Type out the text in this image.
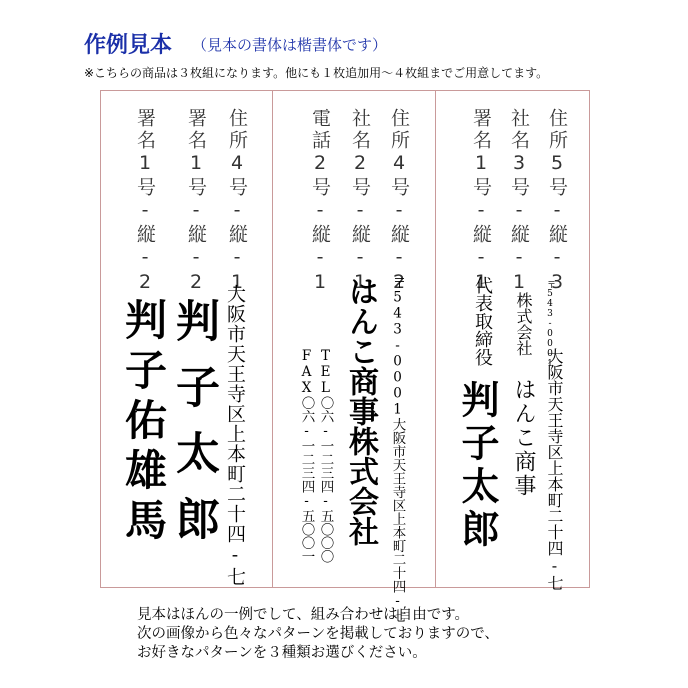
作例見本 （見本の書体は楷書体です）
※こちらの商品は３枚組になります。他にも１枚追加用～４枚組までご用意してます。
住所5号-縦-3
社名3号-縦-1
署名1号-縦-1
〒543-0001
大阪市天王寺区上本町二十四-七
株式会社
はんこ商事
代表取締役
判子太郎
住所4号-縦-2
社名2号-縦-1
電話2号-縦-1
〒543-0001大阪市天王寺区上本町二十四-七
はんこ商事株式会社
TEL〇六-一二三四-五〇〇〇
FAX〇六-一二三四-五〇〇一
住所4号-縦-1
署名1号-縦-2
署名1号-縦-2
大阪市天王寺区上本町二十四-七
判子太郎
判子佑雄馬
見本はほんの一例でして、組み合わせは自由です。
次の画像から色々なパターンを掲載しておりますので、
お好きなパターンを３種類お選びください。
